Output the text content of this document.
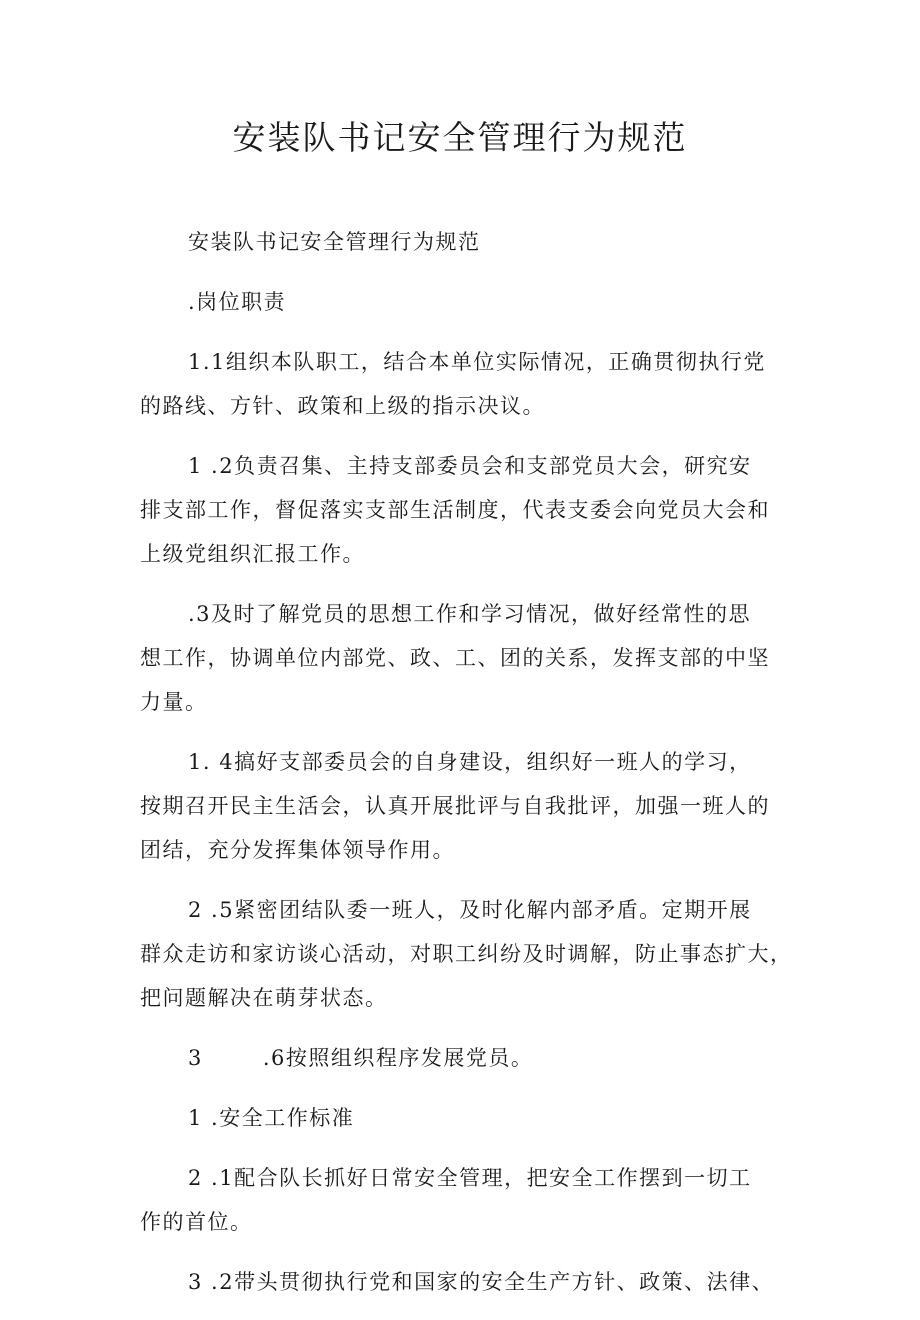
安装队书记安全管理行为规范

安装队书记安全管理行为规范

.岗位职责

1.1组织本队职工，结合本单位实际情况，正确贯彻执行党
的路线、方针、政策和上级的指示决议。

1 .2负责召集、主持支部委员会和支部党员大会，研究安
排支部工作，督促落实支部生活制度，代表支委会向党员大会和
上级党组织汇报工作。

.3及时了解党员的思想工作和学习情况，做好经常性的思
想工作，协调单位内部党、政、工、团的关系，发挥支部的中坚
力量。

1. 4搞好支部委员会的自身建设，组织好一班人的学习，
按期召开民主生活会，认真开展批评与自我批评，加强一班人的
团结，充分发挥集体领导作用。

2 .5紧密团结队委一班人，及时化解内部矛盾。定期开展
群众走访和家访谈心活动，对职工纠纷及时调解，防止事态扩大，
把问题解决在萌芽状态。

3	.6按照组织程序发展党员。

1 .安全工作标准

2 .1配合队长抓好日常安全管理，把安全工作摆到一切工
作的首位。

3 .2带头贯彻执行党和国家的安全生产方针、政策、法律、
